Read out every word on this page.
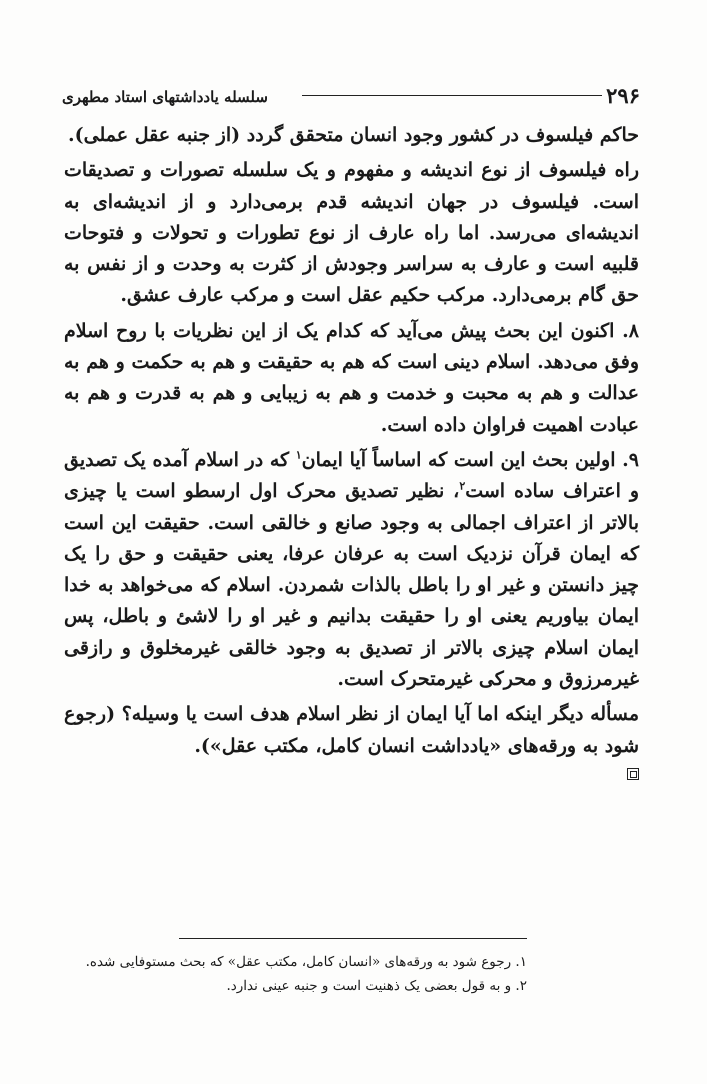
۲۹۶
سلسله یادداشتهای استاد مطهری

حاکم فیلسوف در کشور وجود انسان متحقق گردد (از جنبه عقل عملی).

راه فیلسوف از نوع اندیشه و مفهوم و یک سلسله تصورات و تصدیقات است. فیلسوف در جهان اندیشه قدم برمی‌دارد و از اندیشه‌ای به اندیشه‌ای می‌رسد. اما راه عارف از نوع تطورات و تحولات و فتوحات قلبیه است و عارف به سراسر وجودش از کثرت به وحدت و از نفس به حق گام برمی‌دارد. مرکب حکیم عقل است و مرکب عارف عشق.

۸. اکنون این بحث پیش می‌آید که کدام یک از این نظریات با روح اسلام وفق می‌دهد. اسلام دینی است که هم به حقیقت و هم به حکمت و هم به عدالت و هم به محبت و خدمت و هم به زیبایی و هم به قدرت و هم به عبادت اهمیت فراوان داده است.

۹. اولین بحث این است که اساساً آیا ایمان$^۱$ که در اسلام آمده یک تصدیق و اعتراف ساده است$^۲$، نظیر تصدیق محرک اول ارسطو است یا چیزی بالاتر از اعتراف اجمالی به وجود صانع و خالقی است. حقیقت این است که ایمان قرآن نزدیک است به عرفان عرفا، یعنی حقیقت و حق را یک چیز دانستن و غیر او را باطل بالذات شمردن. اسلام که می‌خواهد به خدا ایمان بیاوریم یعنی او را حقیقت بدانیم و غیر او را لاشئ و باطل، پس ایمان اسلام چیزی بالاتر از تصدیق به وجود خالقی غیرمخلوق و رازقی غیرمرزوق و محرکی غیرمتحرک است.

مسأله دیگر اینکه اما آیا ایمان از نظر اسلام هدف است یا وسیله؟ (رجوع شود به ورقه‌های «یادداشت انسان کامل، مکتب عقل»).

۱. رجوع شود به ورقه‌های «انسان کامل، مکتب عقل» که بحث مستوفایی شده.
۲. و به قول بعضی یک ذهنیت است و جنبه عینی ندارد.
